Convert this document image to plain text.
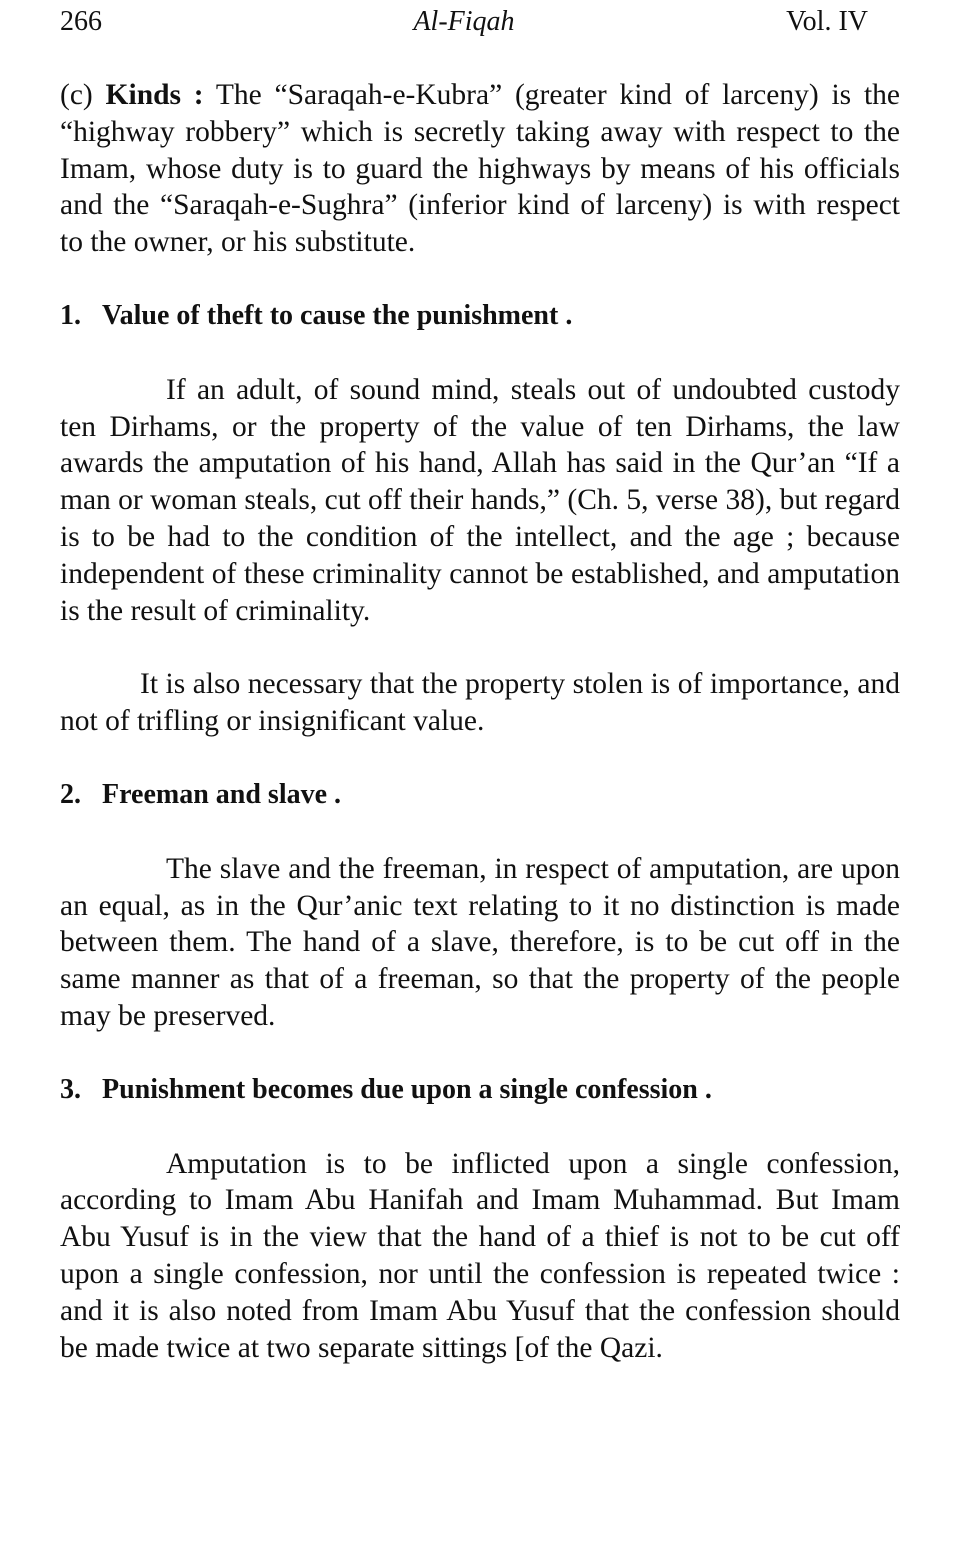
266	Al-Fiqah	Vol. IV

(c) Kinds : The “Saraqah-e-Kubra” (greater kind of larceny) is the “highway robbery” which is secretly taking away with respect to the Imam, whose duty is to guard the highways by means of his officials and the “Saraqah-e-Sughra” (inferior kind of larceny) is with respect to the owner, or his substitute.

1. Value of theft to cause the punishment .

If an adult, of sound mind, steals out of undoubted custody ten Dirhams, or the property of the value of ten Dirhams, the law awards the amputation of his hand, Allah has said in the Qur’an “If a man or woman steals, cut off their hands,” (Ch. 5, verse 38), but regard is to be had to the condition of the intellect, and the age ; because independent of these criminality cannot be established, and amputation is the result of criminality.

It is also necessary that the property stolen is of importance, and not of trifling or insignificant value.

2. Freeman and slave .

The slave and the freeman, in respect of amputation, are upon an equal, as in the Qur’anic text relating to it no distinction is made between them. The hand of a slave, therefore, is to be cut off in the same manner as that of a freeman, so that the property of the people may be preserved.

3. Punishment becomes due upon a single confession .

Amputation is to be inflicted upon a single confession, according to Imam Abu Hanifah and Imam Muhammad. But Imam Abu Yusuf is in the view that the hand of a thief is not to be cut off upon a single confession, nor until the confession is repeated twice : and it is also noted from Imam Abu Yusuf that the confession should be made twice at two separate sittings [of the Qazi.
